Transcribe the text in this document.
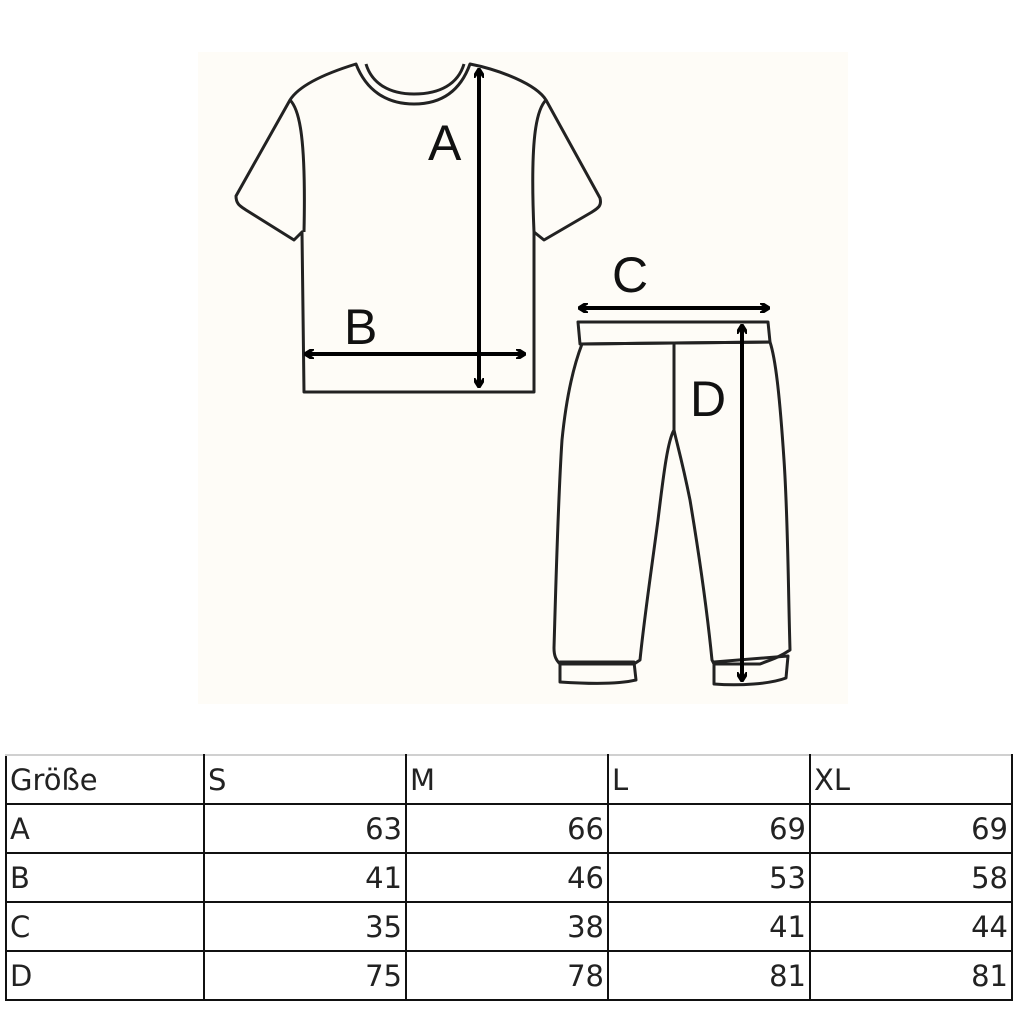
A
B
C
D
Größe	S	M	L	XL
A	63	66	69	69
B	41	46	53	58
C	35	38	41	44
D	75	78	81	81
